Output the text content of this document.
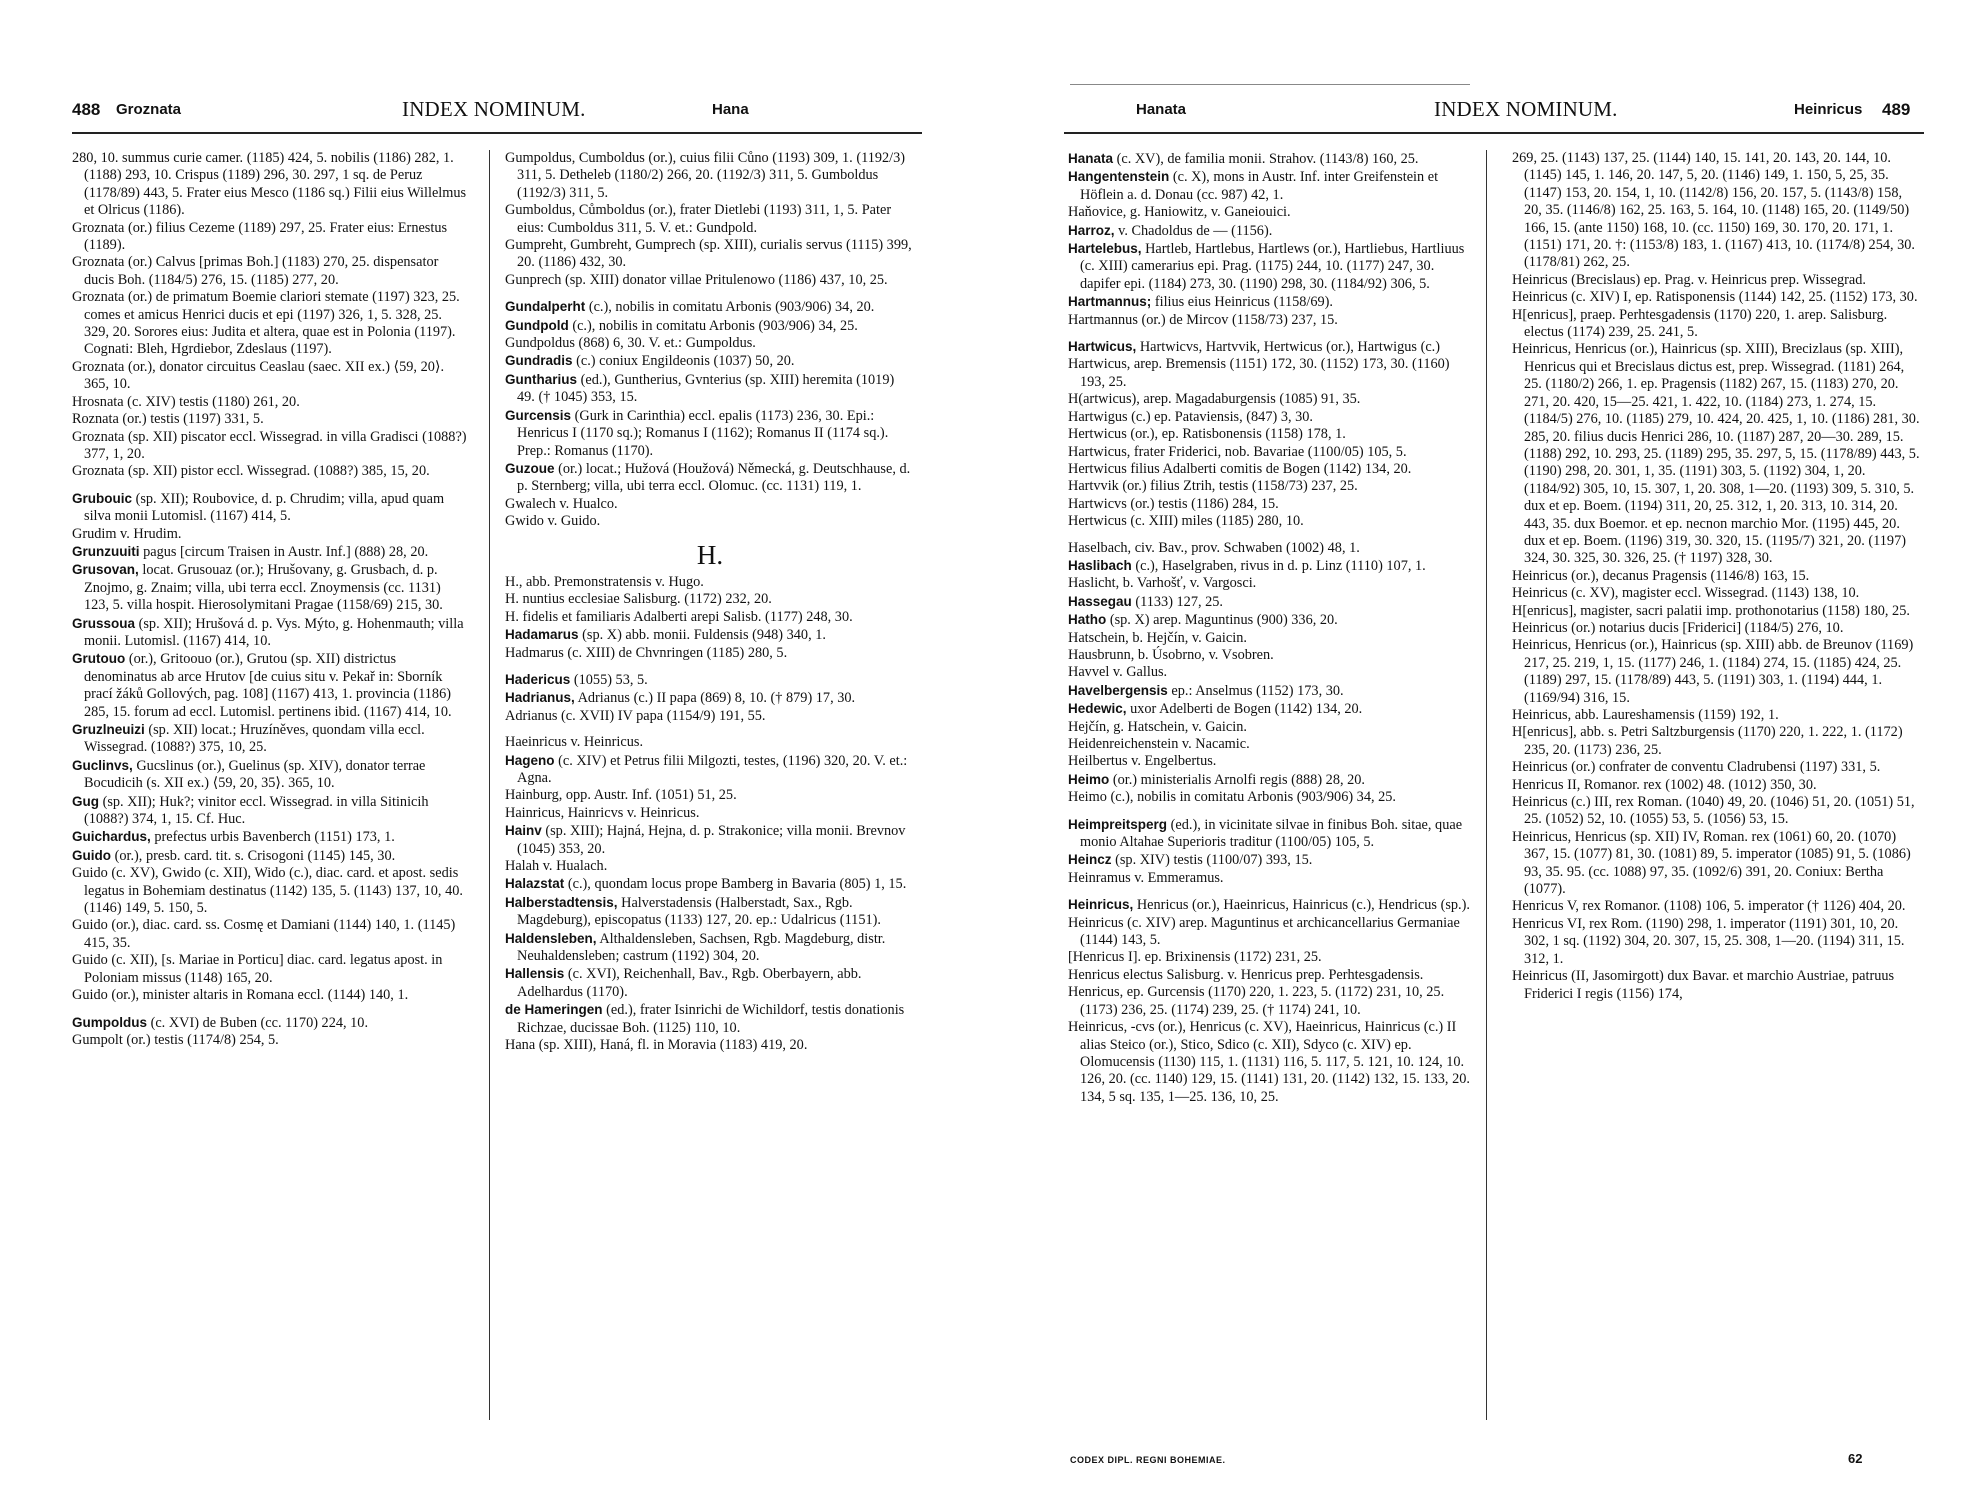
488 Groznata	INDEX NOMINUM.	Hana

280, 10. summus curie camer. (1185) 424, 5. nobilis (1186) 282, 1. (1188) 293, 10. Crispus (1189) 296, 30. 297, 1 sq. de Peruz (1178/89) 443, 5. Frater eius Mesco (1186 sq.) Filii eius Willelmus et Olricus (1186).

Groznata (or.) filius Cezeme (1189) 297, 25. Frater eius: Ernestus (1189).

Groznata (or.) Calvus [primas Boh.] (1183) 270, 25. dispensator ducis Boh. (1184/5) 276, 15. (1185) 277, 20.

Groznata (or.) de primatum Boemie clariori stemate (1197) 323, 25. comes et amicus Henrici ducis et epi (1197) 326, 1, 5. 328, 25. 329, 20. Sorores eius: Judita et altera, quae est in Polonia (1197). Cognati: Bleh, Hgrdiebor, Zdeslaus (1197).

Groznata (or.), donator circuitus Ceaslau (saec. XII ex.) ⟨59, 20⟩. 365, 10.

Hrosnata (c. XIV) testis (1180) 261, 20.

Roznata (or.) testis (1197) 331, 5.

Groznata (sp. XII) piscator eccl. Wissegrad. in villa Gradisci (1088?) 377, 1, 20.

Groznata (sp. XII) pistor eccl. Wissegrad. (1088?) 385, 15, 20.

Grubouic (sp. XII); Roubovice, d. p. Chrudim; villa, apud quam silva monii Lutomisl. (1167) 414, 5.

Grudim v. Hrudim.

Grunzuuiti pagus [circum Traisen in Austr. Inf.] (888) 28, 20.

Grusovan, locat. Grusouaz (or.); Hrušovany, g. Grusbach, d. p. Znojmo, g. Znaim; villa, ubi terra eccl. Znoymensis (cc. 1131) 123, 5. villa hospit. Hierosolymitani Pragae (1158/69) 215, 30.

Grussoua (sp. XII); Hrušová d. p. Vys. Mýto, g. Hohenmauth; villa monii. Lutomisl. (1167) 414, 10.

Grutouo (or.), Gritoouo (or.), Grutou (sp. XII) districtus denominatus ab arce Hrutov [de cuius situ v. Pekař in: Sborník prací žáků Gollových, pag. 108] (1167) 413, 1. provincia (1186) 285, 15. forum ad eccl. Lutomisl. pertinens ibid. (1167) 414, 10.

Gruzlneuizi (sp. XII) locat.; Hruzíněves, quondam villa eccl. Wissegrad. (1088?) 375, 10, 25.

Guclinvs, Gucslinus (or.), Guelinus (sp. XIV), donator terrae Bocudicih (s. XII ex.) ⟨59, 20, 35⟩. 365, 10.

Gug (sp. XII); Huk?; vinitor eccl. Wissegrad. in villa Sitinicih (1088?) 374, 1, 15. Cf. Huc.

Guichardus, prefectus urbis Bavenberch (1151) 173, 1.

Guido (or.), presb. card. tit. s. Crisogoni (1145) 145, 30.

Guido (c. XV), Gwido (c. XII), Wido (c.), diac. card. et apost. sedis legatus in Bohemiam destinatus (1142) 135, 5. (1143) 137, 10, 40. (1146) 149, 5. 150, 5.

Guido (or.), diac. card. ss. Cosmę et Damiani (1144) 140, 1. (1145) 415, 35.

Guido (c. XII), [s. Mariae in Porticu] diac. card. legatus apost. in Poloniam missus (1148) 165, 20.

Guido (or.), minister altaris in Romana eccl. (1144) 140, 1.

Gumpoldus (c. XVI) de Buben (cc. 1170) 224, 10.

Gumpolt (or.) testis (1174/8) 254, 5.

Gumpoldus, Cumboldus (or.), cuius filii Cůno (1193) 309, 1. (1192/3) 311, 5. Detheleb (1180/2) 266, 20. (1192/3) 311, 5. Gumboldus (1192/3) 311, 5.

Gumboldus, Cůmboldus (or.), frater Dietlebi (1193) 311, 1, 5. Pater eius: Cumboldus 311, 5. V. et.: Gundpold.

Gumpreht, Gumbreht, Gumprech (sp. XIII), curialis servus (1115) 399, 20. (1186) 432, 30.

Gunprech (sp. XIII) donator villae Pritulenowo (1186) 437, 10, 25.

Gundalperht (c.), nobilis in comitatu Arbonis (903/906) 34, 20.

Gundpold (c.), nobilis in comitatu Arbonis (903/906) 34, 25.

Gundpoldus (868) 6, 30. V. et.: Gumpoldus.

Gundradis (c.) coniux Engildeonis (1037) 50, 20.

Guntharius (ed.), Guntherius, Gvnterius (sp. XIII) heremita (1019) 49. († 1045) 353, 15.

Gurcensis (Gurk in Carinthia) eccl. epalis (1173) 236, 30. Epi.: Henricus I (1170 sq.); Romanus I (1162); Romanus II (1174 sq.). Prep.: Romanus (1170).

Guzoue (or.) locat.; Hužová (Houžová) Německá, g. Deutschhause, d. p. Sternberg; villa, ubi terra eccl. Olomuc. (cc. 1131) 119, 1.

Gwalech v. Hualco.

Gwido v. Guido.

H.

H., abb. Premonstratensis v. Hugo.

H. nuntius ecclesiae Salisburg. (1172) 232, 20.

H. fidelis et familiaris Adalberti arepi Salisb. (1177) 248, 30.

Hadamarus (sp. X) abb. monii. Fuldensis (948) 340, 1.

Hadmarus (c. XIII) de Chvnringen (1185) 280, 5.

Hadericus (1055) 53, 5.

Hadrianus, Adrianus (c.) II papa (869) 8, 10. († 879) 17, 30.

Adrianus (c. XVII) IV papa (1154/9) 191, 55.

Haeinricus v. Heinricus.

Hageno (c. XIV) et Petrus filii Milgozti, testes, (1196) 320, 20. V. et.: Agna.

Hainburg, opp. Austr. Inf. (1051) 51, 25.

Hainricus, Hainricvs v. Heinricus.

Hainv (sp. XIII); Hajná, Hejna, d. p. Strakonice; villa monii. Brevnov (1045) 353, 20.

Halah v. Hualach.

Halazstat (c.), quondam locus prope Bamberg in Bavaria (805) 1, 15.

Halberstadtensis, Halverstadensis (Halberstadt, Sax., Rgb. Magdeburg), episcopatus (1133) 127, 20. ep.: Udalricus (1151).

Haldensleben, Althaldensleben, Sachsen, Rgb. Magdeburg, distr. Neuhaldensleben; castrum (1192) 304, 20.

Hallensis (c. XVI), Reichenhall, Bav., Rgb. Oberbayern, abb. Adelhardus (1170).

de Hameringen (ed.), frater Isinrichi de Wichildorf, testis donationis Richzae, ducissae Boh. (1125) 110, 10.

Hana (sp. XIII), Haná, fl. in Moravia (1183) 419, 20.

Hanata	INDEX NOMINUM.	Heinricus 489

Hanata (c. XV), de familia monii. Strahov. (1143/8) 160, 25.

Hangentenstein (c. X), mons in Austr. Inf. inter Greifenstein et Höflein a. d. Donau (cc. 987) 42, 1.

Haňovice, g. Haniowitz, v. Ganeiouici.

Harroz, v. Chadoldus de — (1156).

Hartelebus, Hartleb, Hartlebus, Hartlews (or.), Hartliebus, Hartliuus (c. XIII) camerarius epi. Prag. (1175) 244, 10. (1177) 247, 30. dapifer epi. (1184) 273, 30. (1190) 298, 30. (1184/92) 306, 5.

Hartmannus; filius eius Heinricus (1158/69).

Hartmannus (or.) de Mircov (1158/73) 237, 15.

Hartwicus, Hartwicvs, Hartvvik, Hertwicus (or.), Hartwigus (c.)

Hartwicus, arep. Bremensis (1151) 172, 30. (1152) 173, 30. (1160) 193, 25.

H(artwicus), arep. Magadaburgensis (1085) 91, 35.

Hartwigus (c.) ep. Pataviensis, (847) 3, 30.

Hertwicus (or.), ep. Ratisbonensis (1158) 178, 1.

Hartwicus, frater Friderici, nob. Bavariae (1100/05) 105, 5.

Hertwicus filius Adalberti comitis de Bogen (1142) 134, 20.

Hartvvik (or.) filius Ztrih, testis (1158/73) 237, 25.

Hartwicvs (or.) testis (1186) 284, 15.

Hertwicus (c. XIII) miles (1185) 280, 10.

Haselbach, civ. Bav., prov. Schwaben (1002) 48, 1.

Haslibach (c.), Haselgraben, rivus in d. p. Linz (1110) 107, 1.

Haslicht, b. Varhošť, v. Vargosci.

Hassegau (1133) 127, 25.

Hatho (sp. X) arep. Maguntinus (900) 336, 20.

Hatschein, b. Hejčín, v. Gaicin.

Hausbrunn, b. Úsobrno, v. Vsobren.

Havvel v. Gallus.

Havelbergensis ep.: Anselmus (1152) 173, 30.

Hedewic, uxor Adelberti de Bogen (1142) 134, 20.

Hejčín, g. Hatschein, v. Gaicin.

Heidenreichenstein v. Nacamic.

Heilbertus v. Engelbertus.

Heimo (or.) ministerialis Arnolfi regis (888) 28, 20.

Heimo (c.), nobilis in comitatu Arbonis (903/906) 34, 25.

Heimpreitsperg (ed.), in vicinitate silvae in finibus Boh. sitae, quae monio Altahae Superioris traditur (1100/05) 105, 5.

Heincz (sp. XIV) testis (1100/07) 393, 15.

Heinramus v. Emmeramus.

Heinricus, Henricus (or.), Haeinricus, Hainricus (c.), Hendricus (sp.).

Heinricus (c. XIV) arep. Maguntinus et archicancellarius Germaniae (1144) 143, 5.

[Henricus I]. ep. Brixinensis (1172) 231, 25.

Henricus electus Salisburg. v. Henricus prep. Perhtesgadensis.

Henricus, ep. Gurcensis (1170) 220, 1. 223, 5. (1172) 231, 10, 25. (1173) 236, 25. (1174) 239, 25. († 1174) 241, 10.

Heinricus, -cvs (or.), Henricus (c. XV), Haeinricus, Hainricus (c.) II alias Steico (or.), Stico, Sdico (c. XII), Sdyco (c. XIV) ep. Olomucensis (1130) 115, 1. (1131) 116, 5. 117, 5. 121, 10. 124, 10. 126, 20. (cc. 1140) 129, 15. (1141) 131, 20. (1142) 132, 15. 133, 20. 134, 5 sq. 135, 1—25. 136, 10, 25.

269, 25. (1143) 137, 25. (1144) 140, 15. 141, 20. 143, 20. 144, 10. (1145) 145, 1. 146, 20. 147, 5, 20. (1146) 149, 1. 150, 5, 25, 35. (1147) 153, 20. 154, 1, 10. (1142/8) 156, 20. 157, 5. (1143/8) 158, 20, 35. (1146/8) 162, 25. 163, 5. 164, 10. (1148) 165, 20. (1149/50) 166, 15. (ante 1150) 168, 10. (cc. 1150) 169, 30. 170, 20. 171, 1. (1151) 171, 20. †: (1153/8) 183, 1. (1167) 413, 10. (1174/8) 254, 30. (1178/81) 262, 25.

Heinricus (Brecislaus) ep. Prag. v. Heinricus prep. Wissegrad.

Heinricus (c. XIV) I, ep. Ratisponensis (1144) 142, 25. (1152) 173, 30.

H[enricus], praep. Perhtesgadensis (1170) 220, 1. arep. Salisburg. electus (1174) 239, 25. 241, 5.

Heinricus, Henricus (or.), Hainricus (sp. XIII), Brecizlaus (sp. XIII), Henricus qui et Brecislaus dictus est, prep. Wissegrad. (1181) 264, 25. (1180/2) 266, 1. ep. Pragensis (1182) 267, 15. (1183) 270, 20. 271, 20. 420, 15—25. 421, 1. 422, 10. (1184) 273, 1. 274, 15. (1184/5) 276, 10. (1185) 279, 10. 424, 20. 425, 1, 10. (1186) 281, 30. 285, 20. filius ducis Henrici 286, 10. (1187) 287, 20—30. 289, 15. (1188) 292, 10. 293, 25. (1189) 295, 35. 297, 5, 15. (1178/89) 443, 5. (1190) 298, 20. 301, 1, 35. (1191) 303, 5. (1192) 304, 1, 20. (1184/92) 305, 10, 15. 307, 1, 20. 308, 1—20. (1193) 309, 5. 310, 5. dux et ep. Boem. (1194) 311, 20, 25. 312, 1, 20. 313, 10. 314, 20. 443, 35. dux Boemor. et ep. necnon marchio Mor. (1195) 445, 20. dux et ep. Boem. (1196) 319, 30. 320, 15. (1195/7) 321, 20. (1197) 324, 30. 325, 30. 326, 25. († 1197) 328, 30.

Heinricus (or.), decanus Pragensis (1146/8) 163, 15.

Heinricus (c. XV), magister eccl. Wissegrad. (1143) 138, 10.

H[enricus], magister, sacri palatii imp. prothonotarius (1158) 180, 25.

Heinricus (or.) notarius ducis [Friderici] (1184/5) 276, 10.

Heinricus, Henricus (or.), Hainricus (sp. XIII) abb. de Breunov (1169) 217, 25. 219, 1, 15. (1177) 246, 1. (1184) 274, 15. (1185) 424, 25. (1189) 297, 15. (1178/89) 443, 5. (1191) 303, 1. (1194) 444, 1. (1169/94) 316, 15.

Heinricus, abb. Laureshamensis (1159) 192, 1.

H[enricus], abb. s. Petri Saltzburgensis (1170) 220, 1. 222, 1. (1172) 235, 20. (1173) 236, 25.

Heinricus (or.) confrater de conventu Cladrubensi (1197) 331, 5.

Henricus II, Romanor. rex (1002) 48. (1012) 350, 30.

Heinricus (c.) III, rex Roman. (1040) 49, 20. (1046) 51, 20. (1051) 51, 25. (1052) 52, 10. (1055) 53, 5. (1056) 53, 15.

Heinricus, Henricus (sp. XII) IV, Roman. rex (1061) 60, 20. (1070) 367, 15. (1077) 81, 30. (1081) 89, 5. imperator (1085) 91, 5. (1086) 93, 35. 95. (cc. 1088) 97, 35. (1092/6) 391, 20. Coniux: Bertha (1077).

Henricus V, rex Romanor. (1108) 106, 5. imperator († 1126) 404, 20.

Henricus VI, rex Rom. (1190) 298, 1. imperator (1191) 301, 10, 20. 302, 1 sq. (1192) 304, 20. 307, 15, 25. 308, 1—20. (1194) 311, 15. 312, 1.

Heinricus (II, Jasomirgott) dux Bavar. et marchio Austriae, patruus Friderici I regis (1156) 174,

CODEX DIPL. REGNI BOHEMIAE.	62
